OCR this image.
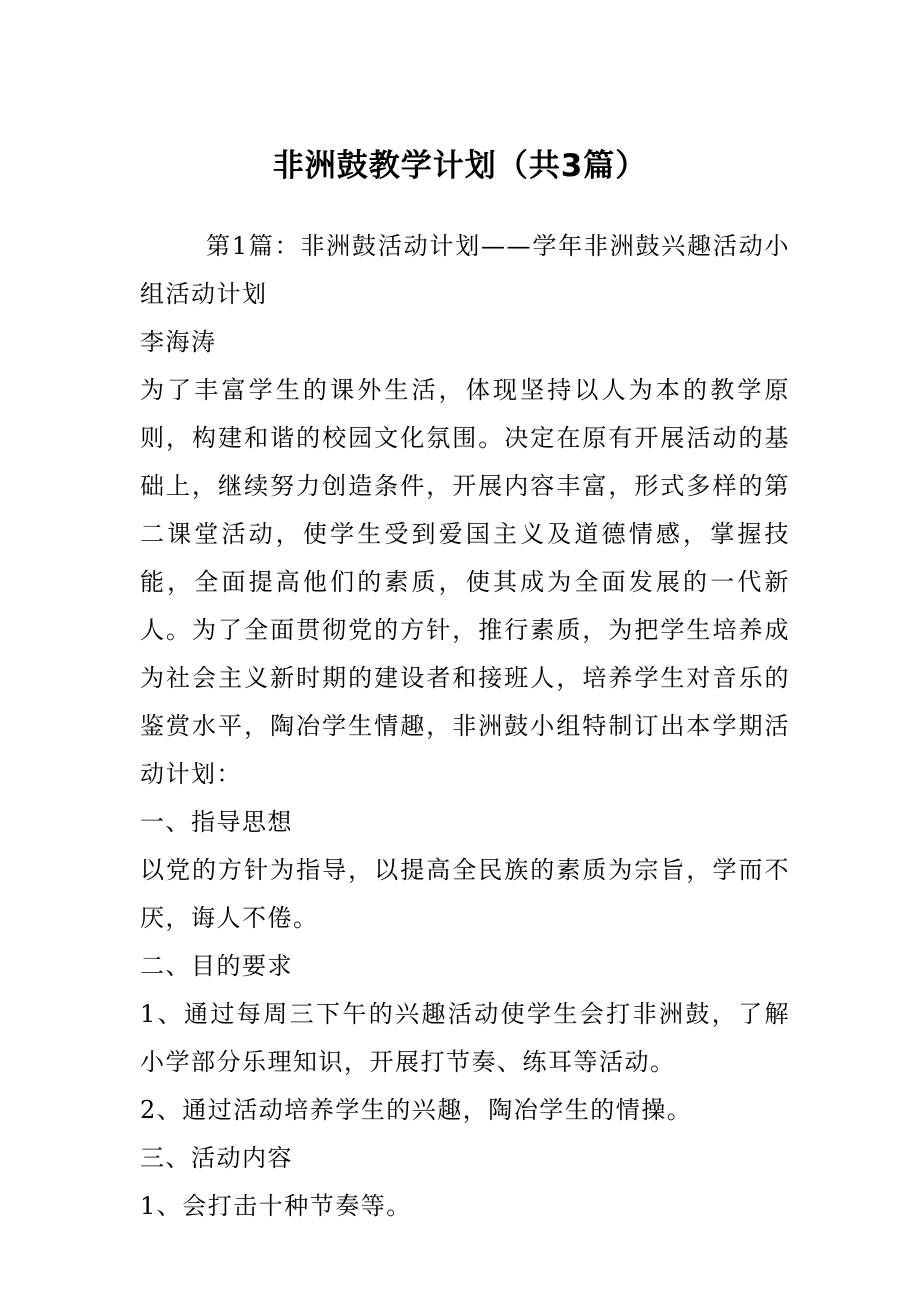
非洲鼓教学计划（共3篇）

第1篇：非洲鼓活动计划——学年非洲鼓兴趣活动小组活动计划

李海涛

为了丰富学生的课外生活，体现坚持以人为本的教学原则，构建和谐的校园文化氛围。决定在原有开展活动的基础上，继续努力创造条件，开展内容丰富，形式多样的第二课堂活动，使学生受到爱国主义及道德情感，掌握技能，全面提高他们的素质，使其成为全面发展的一代新人。为了全面贯彻党的方针，推行素质，为把学生培养成为社会主义新时期的建设者和接班人，培养学生对音乐的鉴赏水平，陶冶学生情趣，非洲鼓小组特制订出本学期活动计划：

一、指导思想

以党的方针为指导，以提高全民族的素质为宗旨，学而不厌，诲人不倦。

二、目的要求

1、通过每周三下午的兴趣活动使学生会打非洲鼓，了解小学部分乐理知识，开展打节奏、练耳等活动。

2、通过活动培养学生的兴趣，陶冶学生的情操。

三、活动内容

1、会打击十种节奏等。
